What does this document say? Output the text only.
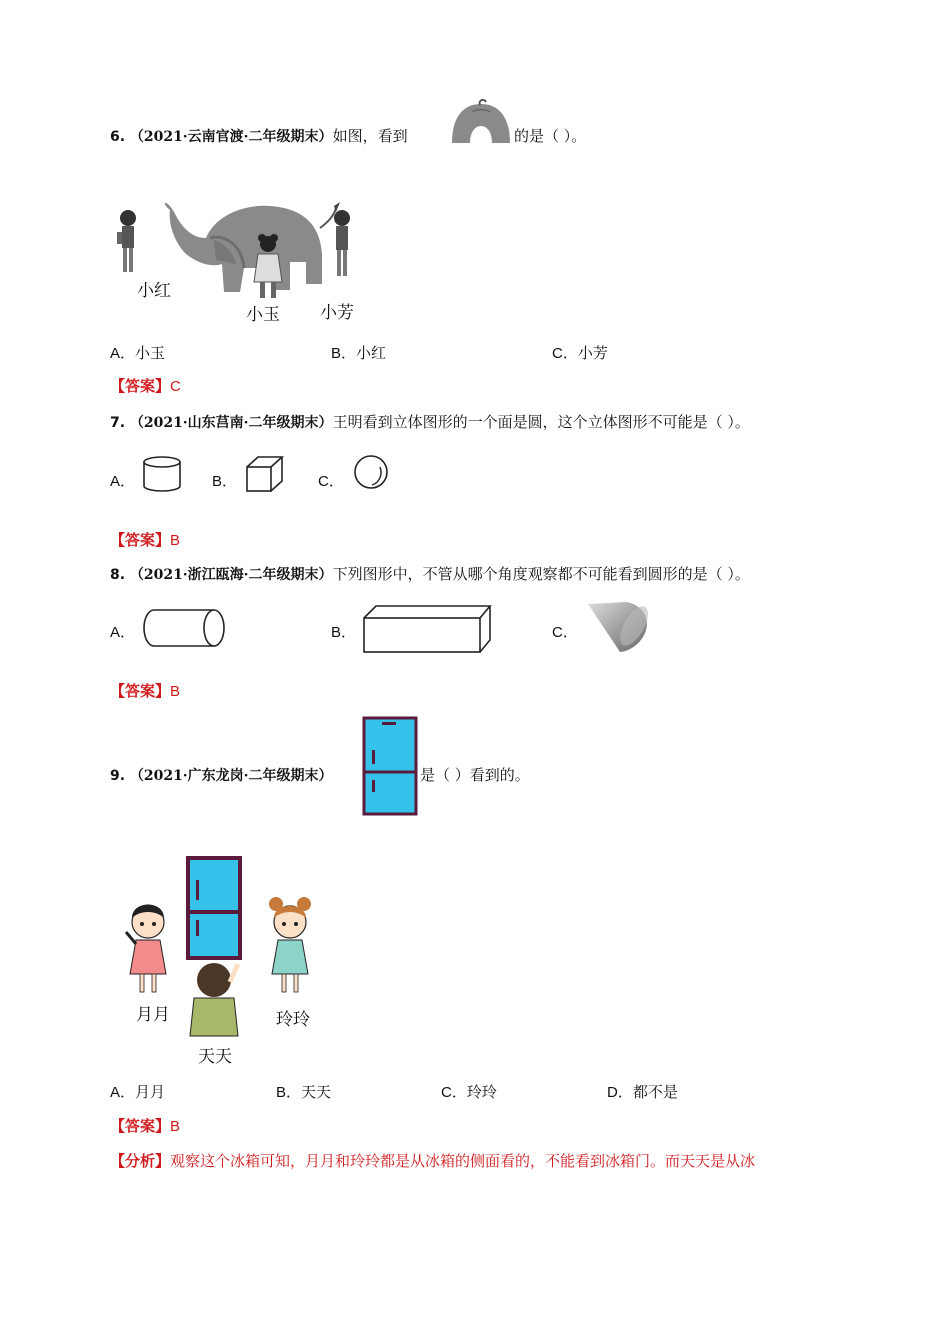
6. （2021·云南官渡·二年级期末）如图，看到	的是（ ）。
小红
小玉 小芳
A．小玉	B．小红	C．小芳
【答案】C
7. （2021·山东莒南·二年级期末）王明看到立体图形的一个面是圆，这个立体图形不可能是（ ）。
A．	B．	C．
【答案】B
8. （2021·浙江瓯海·二年级期末）下列图形中，不管从哪个角度观察都不可能看到圆形的是（ ）。
A．	B．	C．
【答案】B
9. （2021·广东龙岗·二年级期末）	是（ ）看到的。
月月
天天
玲玲
A．月月	B．天天	C．玲玲	D．都不是
【答案】B
【分析】观察这个冰箱可知，月月和玲玲都是从冰箱的侧面看的，不能看到冰箱门。而天天是从冰
